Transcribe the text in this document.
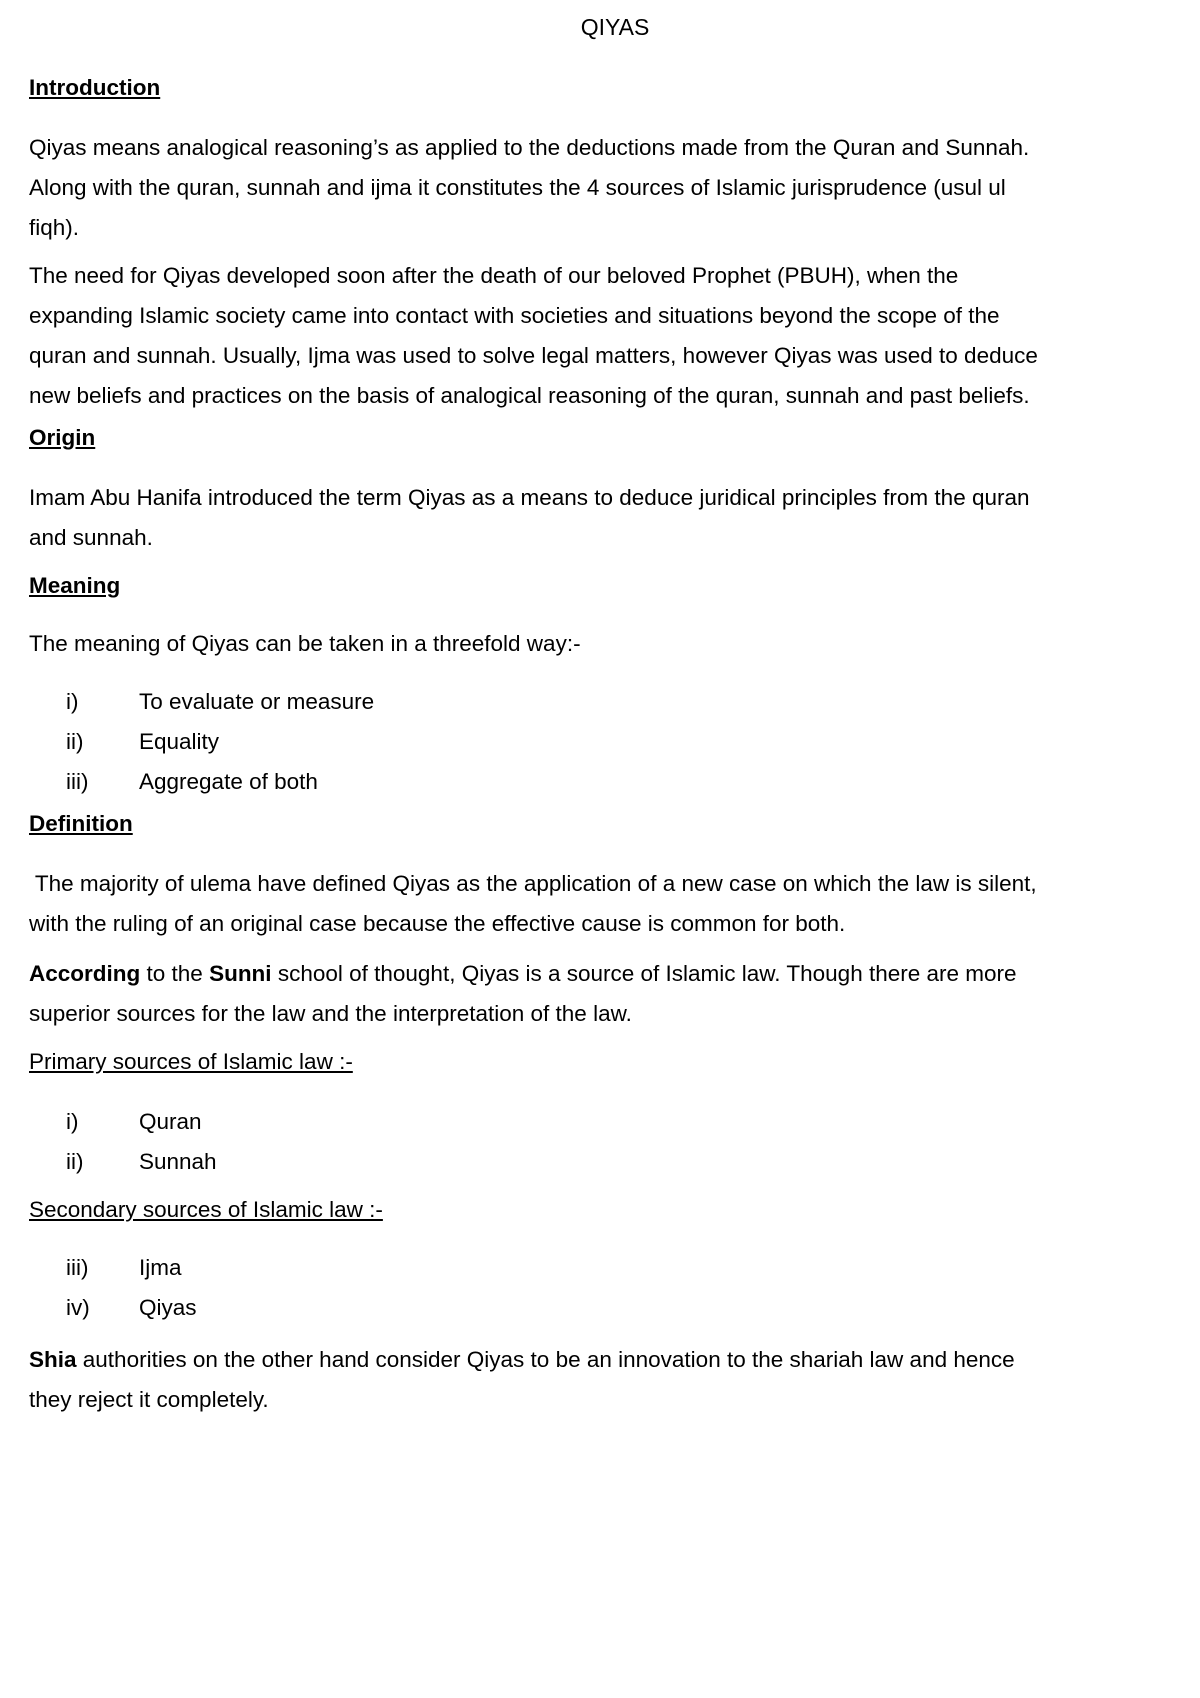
QIYAS
Introduction
Qiyas means analogical reasoning’s as applied to the deductions made from the Quran and Sunnah.
Along with the quran, sunnah and ijma it constitutes the 4 sources of Islamic jurisprudence (usul ul
fiqh).
The need for Qiyas developed soon after the death of our beloved Prophet (PBUH), when the
expanding Islamic society came into contact with societies and situations beyond the scope of the
quran and sunnah. Usually, Ijma was used to solve legal matters, however Qiyas was used to deduce
new beliefs and practices on the basis of analogical reasoning of the quran, sunnah and past beliefs.
Origin
Imam Abu Hanifa introduced the term Qiyas as a means to deduce juridical principles from the quran
and sunnah.
Meaning
The meaning of Qiyas can be taken in a threefold way:-
i)	To evaluate or measure
ii)	Equality
iii)	Aggregate of both
Definition
The majority of ulema have defined Qiyas as the application of a new case on which the law is silent,
with the ruling of an original case because the effective cause is common for both.
According to the Sunni school of thought, Qiyas is a source of Islamic law. Though there are more
superior sources for the law and the interpretation of the law.
Primary sources of Islamic law :-
i)	Quran
ii)	Sunnah
Secondary sources of Islamic law :-
iii)	Ijma
iv)	Qiyas
Shia authorities on the other hand consider Qiyas to be an innovation to the shariah law and hence
they reject it completely.
